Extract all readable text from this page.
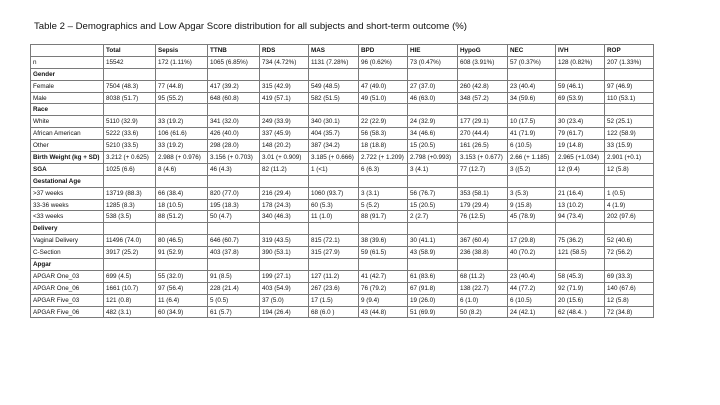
Table 2 – Demographics and Low Apgar Score distribution for all subjects and short-term outcome (%)
	Total	Sepsis	TTNB	RDS	MAS	BPD	HIE	HypoG	NEC	IVH	ROP
n	15542	172 (1.11%)	1065 (6.85%)	734 (4.72%)	1131 (7.28%)	96 (0.62%)	73 (0.47%)	608 (3.91%)	57 (0.37%)	128 (0.82%)	207 (1.33%)
Gender											
Female	7504 (48.3)	77 (44.8)	417 (39.2)	315 (42.9)	549 (48.5)	47 (49.0)	27 (37.0)	260 (42.8)	23 (40.4)	59 (46.1)	97 (46.9)
Male	8038 (51.7)	95 (55.2)	648 (60.8)	419 (57.1)	582 (51.5)	49 (51.0)	46 (63.0)	348 (57.2)	34 (59.6)	69 (53.9)	110 (53.1)
Race											
White	5110 (32.9)	33 (19.2)	341 (32.0)	249 (33.9)	340 (30.1)	22 (22.9)	24 (32.9)	177 (29.1)	10 (17.5)	30 (23.4)	52 (25.1)
African American	5222 (33.6)	106 (61.6)	426 (40.0)	337 (45.9)	404 (35.7)	56 (58.3)	34 (46.6)	270 (44.4)	41 (71.9)	79 (61.7)	122 (58.9)
Other	5210 (33.5)	33 (19.2)	298 (28.0)	148 (20.2)	387 (34.2)	18 (18.8)	15 (20.5)	161 (26.5)	6 (10.5)	19 (14.8)	33 (15.9)
Birth Weight (kg + SD)	3.212 (+ 0.625)	2.988 (+ 0.976)	3.156 (+ 0.703)	3.01 (+ 0.909)	3.185 (+ 0.666)	2.722 (+ 1.209)	2.798 (+0.993)	3.153 (+ 0.677)	2.66 (+ 1.185)	2.965 (+1.034)	2.901 (+0.1)
SGA	1025 (6.6)	8 (4.6)	46 (4.3)	82 (11.2)	1 (<1)	6 (6.3)	3 (4.1)	77 (12.7)	3 ((5.2)	12 (9.4)	12 (5.8)
Gestational Age											
>37 weeks	13719 (88.3)	66 (38.4)	820 (77.0)	216 (29.4)	1060 (93.7)	3 (3.1)	56 (76.7)	353 (58.1)	3 (5.3)	21 (16.4)	1 (0.5)
33-36 weeks	1285 (8.3)	18 (10.5)	195 (18.3)	178 (24.3)	60 (5.3)	5 (5.2)	15 (20.5)	179 (29.4)	9 (15.8)	13 (10.2)	4 (1.9)
<33 weeks	538 (3.5)	88 (51.2)	50 (4.7)	340 (46.3)	11 (1.0)	88 (91.7)	2 (2.7)	76 (12.5)	45 (78.9)	94 (73.4)	202 (97.6)
Delivery											
Vaginal Delivery	11496 (74.0)	80 (46.5)	646 (60.7)	319 (43.5)	815 (72.1)	38 (39.6)	30 (41.1)	367 (60.4)	17 (29.8)	75 (36.2)	52 (40.6)
C-Section	3917 (25.2)	91 (52.9)	403 (37.8)	390 (53.1)	315 (27.9)	59 (61.5)	43 (58.9)	236 (38.8)	40 (70.2)	121 (58.5)	72 (56.2)
Apgar											
APGAR One_03	699 (4.5)	55 (32.0)	91 (8.5)	199 (27.1)	127 (11.2)	41 (42.7)	61 (83.6)	68 (11.2)	23 (40.4)	58 (45.3)	69 (33.3)
APGAR One_06	1661 (10.7)	97 (56.4)	228 (21.4)	403 (54.9)	267 (23.6)	76 (79.2)	67 (91.8)	138 (22.7)	44 (77.2)	92 (71.9)	140 (67.6)
APGAR Five_03	121 (0.8)	11 (6.4)	5 (0.5)	37 (5.0)	17 (1.5)	9 (9.4)	19 (26.0)	6 (1.0)	6 (10.5)	20 (15.6)	12 (5.8)
APGAR Five_06	482 (3.1)	60 (34.9)	61 (5.7)	194 (26.4)	68 (6.0 )	43 (44.8)	51 (69.9)	50 (8.2)	24 (42.1)	62 (48.4. )	72 (34.8)
